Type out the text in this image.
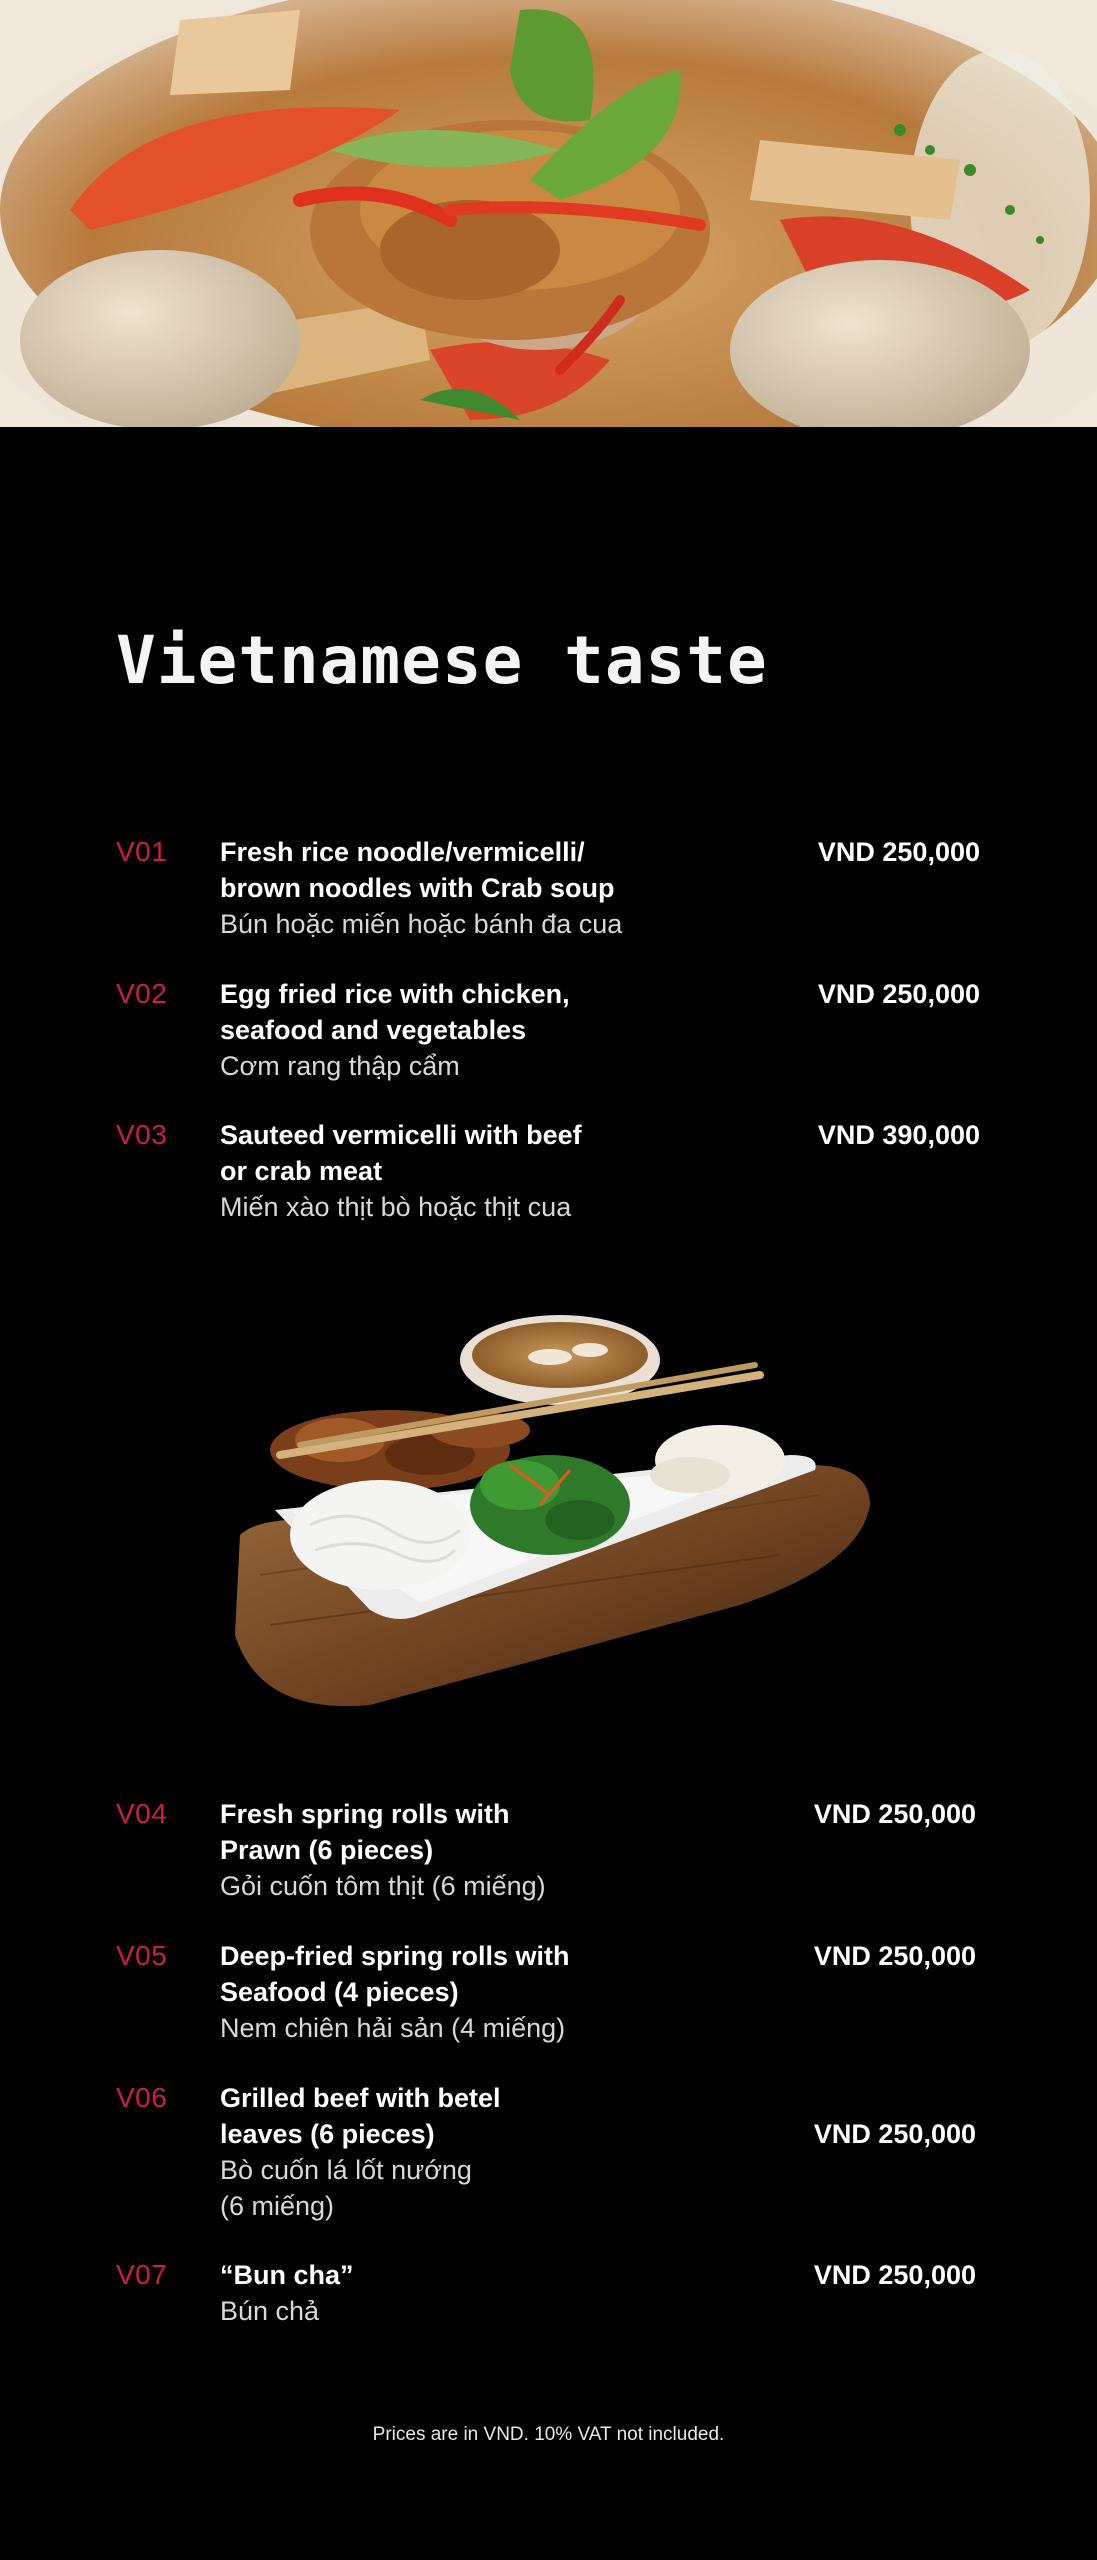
Vietnamese taste
V01 Fresh rice noodle/vermicelli/
brown noodles with Crab soup
Bún hoặc miến hoặc bánh đa cua
VND 250,000
V02 Egg fried rice with chicken,
seafood and vegetables
Cơm rang thập cẩm
VND 250,000
V03 Sauteed vermicelli with beef
or crab meat
Miến xào thịt bò hoặc thịt cua
VND 390,000
V04 Fresh spring rolls with
Prawn (6 pieces)
Gỏi cuốn tôm thịt (6 miếng)
VND 250,000
V05 Deep-fried spring rolls with
Seafood (4 pieces)
Nem chiên hải sản (4 miếng)
VND 250,000
V06 Grilled beef with betel
leaves (6 pieces)
Bò cuốn lá lốt nướng
(6 miếng)
VND 250,000
V07 “Bun cha”
Bún chả
VND 250,000
Prices are in VND. 10% VAT not included.
